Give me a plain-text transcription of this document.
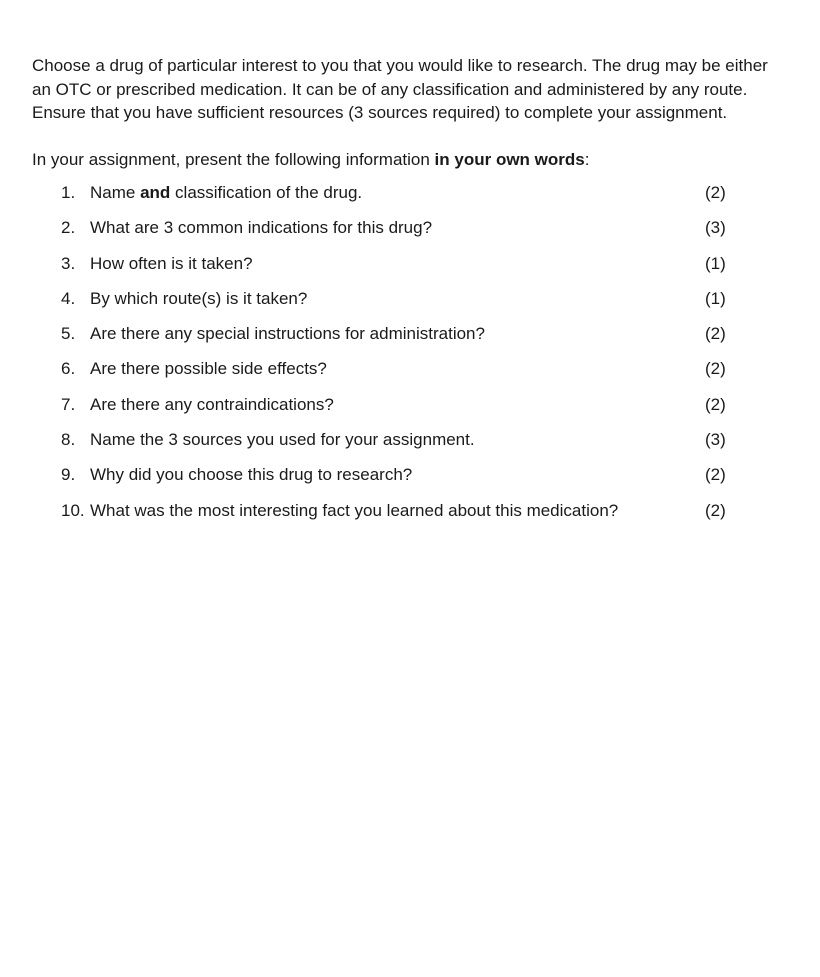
Choose a drug of particular interest to you that you would like to research. The drug may be either an OTC or prescribed medication. It can be of any classification and administered by any route. Ensure that you have sufficient resources (3 sources required) to complete your assignment.

In your assignment, present the following information in your own words:

1. Name and classification of the drug.	(2)
2. What are 3 common indications for this drug?	(3)
3. How often is it taken?	(1)
4. By which route(s) is it taken?	(1)
5. Are there any special instructions for administration?	(2)
6. Are there possible side effects?	(2)
7. Are there any contraindications?	(2)
8. Name the 3 sources you used for your assignment.	(3)
9. Why did you choose this drug to research?	(2)
10. What was the most interesting fact you learned about this medication?	(2)
